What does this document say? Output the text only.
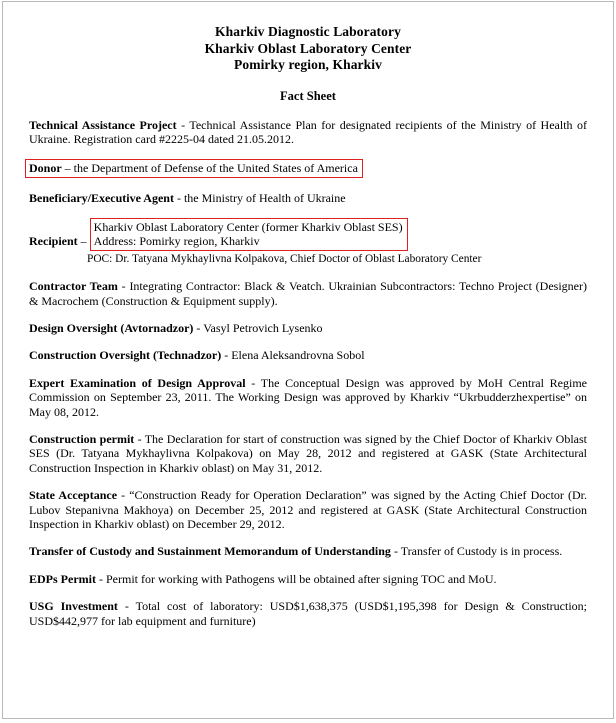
Kharkiv Diagnostic Laboratory
Kharkiv Oblast Laboratory Center
Pomirky region, Kharkiv
Fact Sheet

Technical Assistance Project - Technical Assistance Plan for designated recipients of the Ministry of Health of Ukraine. Registration card #2225-04 dated 21.05.2012.

Donor – the Department of Defense of the United States of America

Beneficiary/Executive Agent - the Ministry of Health of Ukraine

Recipient – Kharkiv Oblast Laboratory Center (former Kharkiv Oblast SES)
Address: Pomirky region, Kharkiv

POC: Dr. Tatyana Mykhaylivna Kolpakova, Chief Doctor of Oblast Laboratory Center

Contractor Team - Integrating Contractor: Black & Veatch. Ukrainian Subcontractors: Techno Project (Designer) & Macrochem (Construction & Equipment supply).

Design Oversight (Avtornadzor) - Vasyl Petrovich Lysenko

Construction Oversight (Technadzor) - Elena Aleksandrovna Sobol

Expert Examination of Design Approval - The Conceptual Design was approved by MoH Central Regime Commission on September 23, 2011. The Working Design was approved by Kharkiv “Ukrbudderzhexpertise” on May 08, 2012.

Construction permit - The Declaration for start of construction was signed by the Chief Doctor of Kharkiv Oblast SES (Dr. Tatyana Mykhaylivna Kolpakova) on May 28, 2012 and registered at GASK (State Architectural Construction Inspection in Kharkiv oblast) on May 31, 2012.

State Acceptance - “Construction Ready for Operation Declaration” was signed by the Acting Chief Doctor (Dr. Lubov Stepanivna Makhoya) on December 25, 2012 and registered at GASK (State Architectural Construction Inspection in Kharkiv oblast) on December 29, 2012.

Transfer of Custody and Sustainment Memorandum of Understanding - Transfer of Custody is in process.

EDPs Permit - Permit for working with Pathogens will be obtained after signing TOC and MoU.

USG Investment - Total cost of laboratory: USD$1,638,375 (USD$1,195,398 for Design & Construction; USD$442,977 for lab equipment and furniture)
